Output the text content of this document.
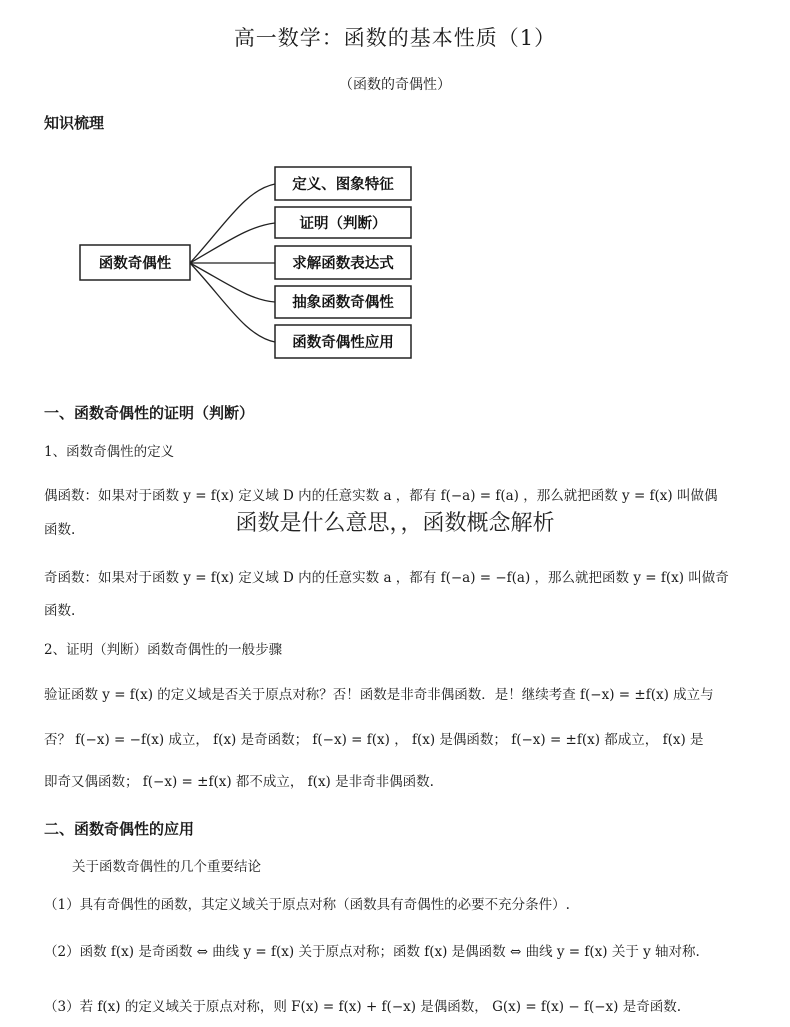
高一数学：函数的基本性质（1）
（函数的奇偶性）
知识梳理
函数奇偶性
定义、图象特征
证明（判断）
求解函数表达式
抽象函数奇偶性
函数奇偶性应用
一、函数奇偶性的证明（判断）
1、函数奇偶性的定义
偶函数：如果对于函数 y = f(x) 定义域 D 内的任意实数 a ，都有 f(−a) = f(a) ，那么就把函数 y = f(x) 叫做偶
函数.	函数是什么意思，，函数概念解析
奇函数：如果对于函数 y = f(x) 定义域 D 内的任意实数 a ，都有 f(−a) = −f(a) ，那么就把函数 y = f(x) 叫做奇
函数.
2、证明（判断）函数奇偶性的一般步骤
验证函数 y = f(x) 的定义域是否关于原点对称？否！函数是非奇非偶函数．是！继续考查 f(−x) = ±f(x) 成立与
否？ f(−x) = −f(x) 成立， f(x) 是奇函数； f(−x) = f(x) ， f(x) 是偶函数； f(−x) = ±f(x) 都成立， f(x) 是
即奇又偶函数； f(−x) = ±f(x) 都不成立， f(x) 是非奇非偶函数.
二、函数奇偶性的应用
关于函数奇偶性的几个重要结论
（1）具有奇偶性的函数，其定义域关于原点对称（函数具有奇偶性的必要不充分条件）.
（2）函数 f(x) 是奇函数 ⇔ 曲线 y = f(x) 关于原点对称；函数 f(x) 是偶函数 ⇔ 曲线 y = f(x) 关于 y 轴对称.
（3）若 f(x) 的定义域关于原点对称，则 F(x) = f(x) + f(−x) 是偶函数， G(x) = f(x) − f(−x) 是奇函数.
